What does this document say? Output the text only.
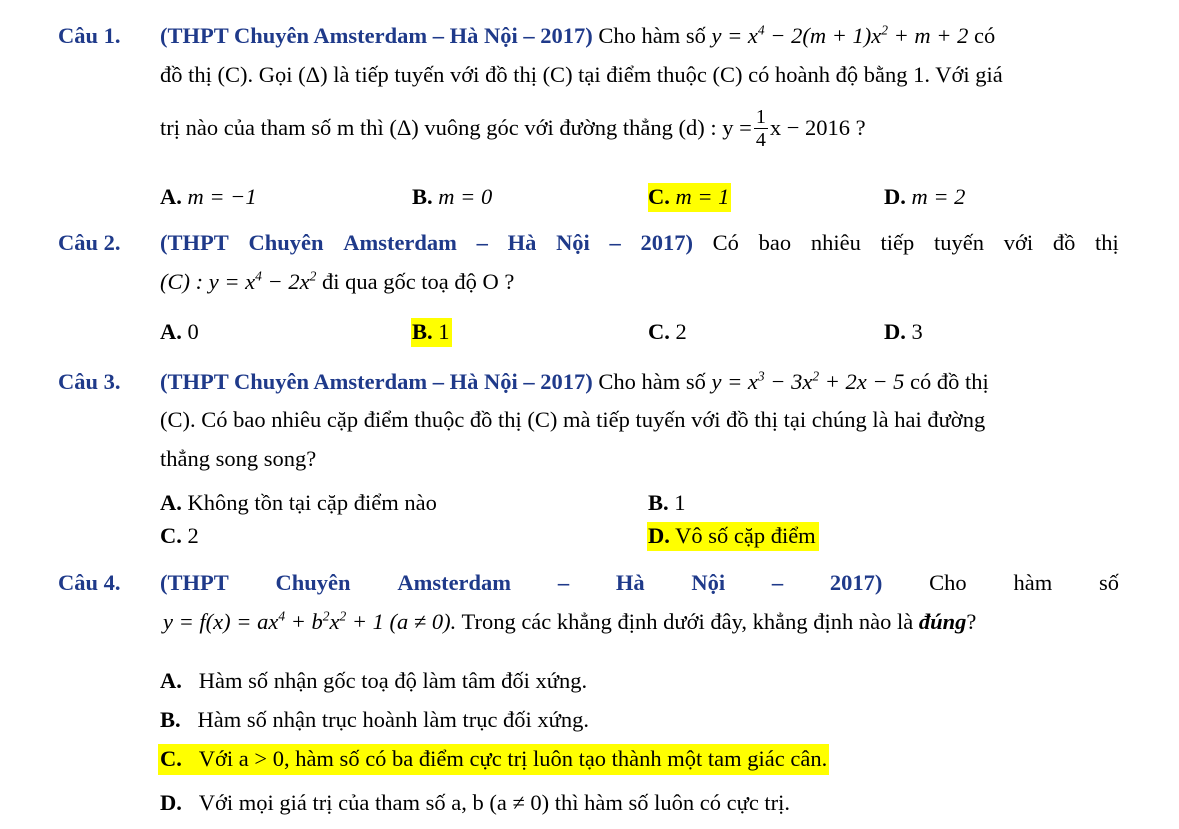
Câu 1. (THPT Chuyên Amsterdam – Hà Nội – 2017) Cho hàm số $y = x^4 - 2(m + 1)x^2 + m + 2$ có
đồ thị (C). Gọi (Δ) là tiếp tuyến với đồ thị (C) tại điểm thuộc (C) có hoành độ bằng 1. Với giá
trị nào của tham số m thì (Δ) vuông góc với đường thẳng (d) : $y = \frac{1}{4}$ x − 2016 ?
A. m = −1	B. m = 0	C. m = 1	D. m = 2
Câu 2. (THPT Chuyên Amsterdam – Hà Nội – 2017) Có bao nhiêu tiếp tuyến với đồ thị
(C) : $y = x^4 - 2x^2$ đi qua gốc toạ độ O ?
A. 0	B. 1	C. 2	D. 3
Câu 3. (THPT Chuyên Amsterdam – Hà Nội – 2017) Cho hàm số $y = x^3 - 3x^2 + 2x - 5$ có đồ thị
(C). Có bao nhiêu cặp điểm thuộc đồ thị (C) mà tiếp tuyến với đồ thị tại chúng là hai đường
thẳng song song?
A. Không tồn tại cặp điểm nào	B. 1
C. 2	D. Vô số cặp điểm
Câu 4. (THPT Chuyên Amsterdam – Hà Nội – 2017) Cho hàm số
$y = f(x) = ax^4 + b^2x^2 + 1$ (a ≠ 0). Trong các khẳng định dưới đây, khẳng định nào là đúng?
A. Hàm số nhận gốc toạ độ làm tâm đối xứng.
B. Hàm số nhận trục hoành làm trục đối xứng.
C. Với a > 0, hàm số có ba điểm cực trị luôn tạo thành một tam giác cân.
D. Với mọi giá trị của tham số a, b (a ≠ 0) thì hàm số luôn có cực trị.
